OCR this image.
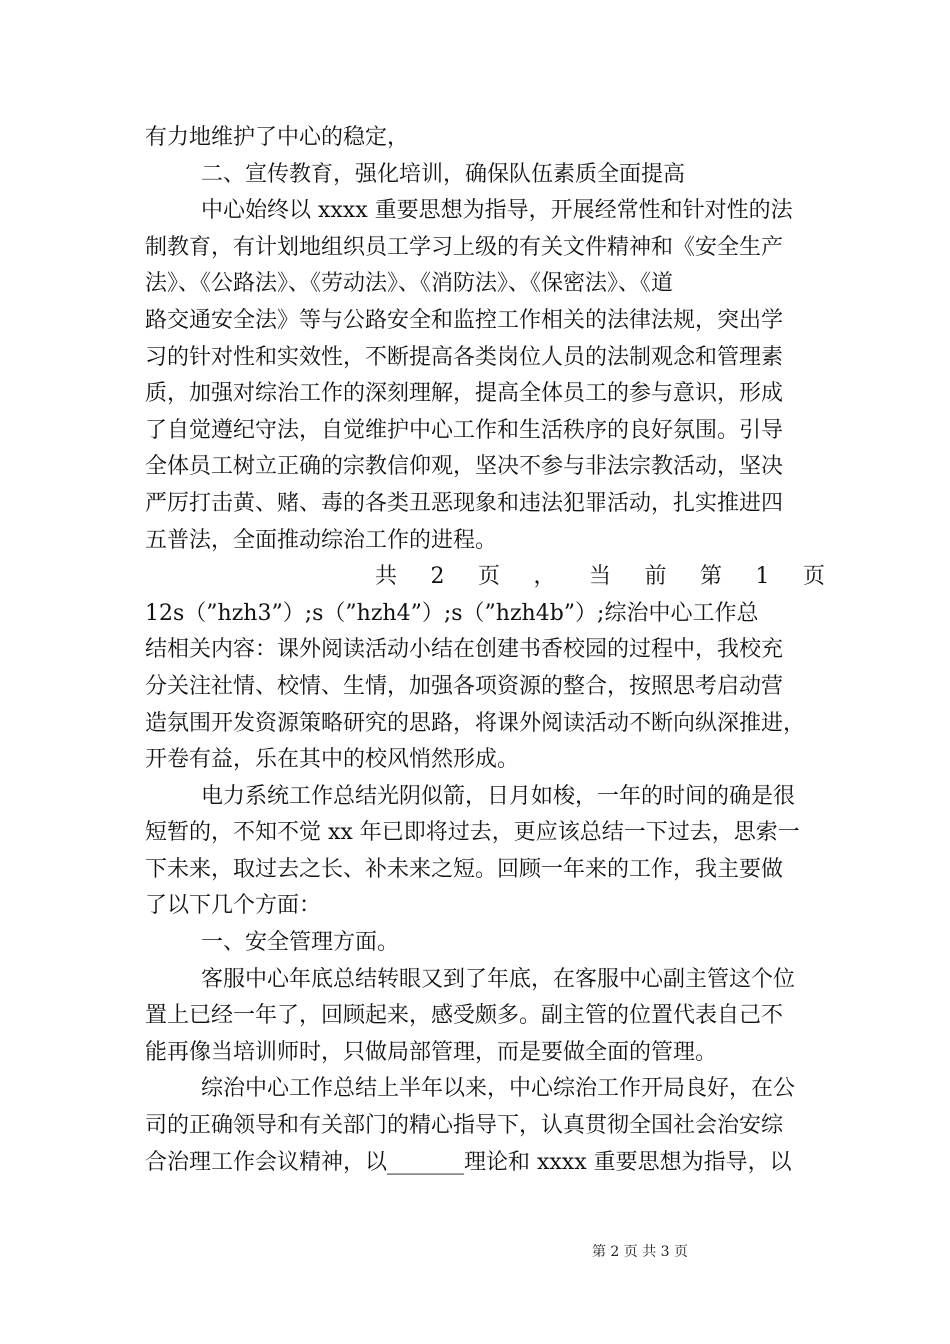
有力地维护了中心的稳定，
二、宣传教育，强化培训，确保队伍素质全面提高
中心始终以 xxxx 重要思想为指导，开展经常性和针对性的法
制教育，有计划地组织员工学习上级的有关文件精神和《安全生产
法》、《公路法》、《劳动法》、《消防法》、《保密法》、《道
路交通安全法》等与公路安全和监控工作相关的法律法规，突出学
习的针对性和实效性，不断提高各类岗位人员的法制观念和管理素
质，加强对综治工作的深刻理解，提高全体员工的参与意识，形成
了自觉遵纪守法，自觉维护中心工作和生活秩序的良好氛围。引导
全体员工树立正确的宗教信仰观，坚决不参与非法宗教活动，坚决
严厉打击黄、赌、毒的各类丑恶现象和违法犯罪活动，扎实推进四
五普法，全面推动综治工作的进程。
共 2 页 ， 当 前 第 1 页
12s（”hzh3”）;s（”hzh4”）;s（”hzh4b”）;综治中心工作总
结相关内容：课外阅读活动小结在创建书香校园的过程中，我校充
分关注社情、校情、生情，加强各项资源的整合，按照思考启动营
造氛围开发资源策略研究的思路，将课外阅读活动不断向纵深推进，
开卷有益，乐在其中的校风悄然形成。
电力系统工作总结光阴似箭，日月如梭，一年的时间的确是很
短暂的，不知不觉 xx 年已即将过去，更应该总结一下过去，思索一
下未来，取过去之长、补未来之短。回顾一年来的工作，我主要做
了以下几个方面：
一、安全管理方面。
客服中心年底总结转眼又到了年底，在客服中心副主管这个位
置上已经一年了，回顾起来，感受颇多。副主管的位置代表自己不
能再像当培训师时，只做局部管理，而是要做全面的管理。
综治中心工作总结上半年以来，中心综治工作开局良好，在公
司的正确领导和有关部门的精心指导下，认真贯彻全国社会治安综
合治理工作会议精神，以_______理论和 xxxx 重要思想为指导，以
第 2 页 共 3 页
